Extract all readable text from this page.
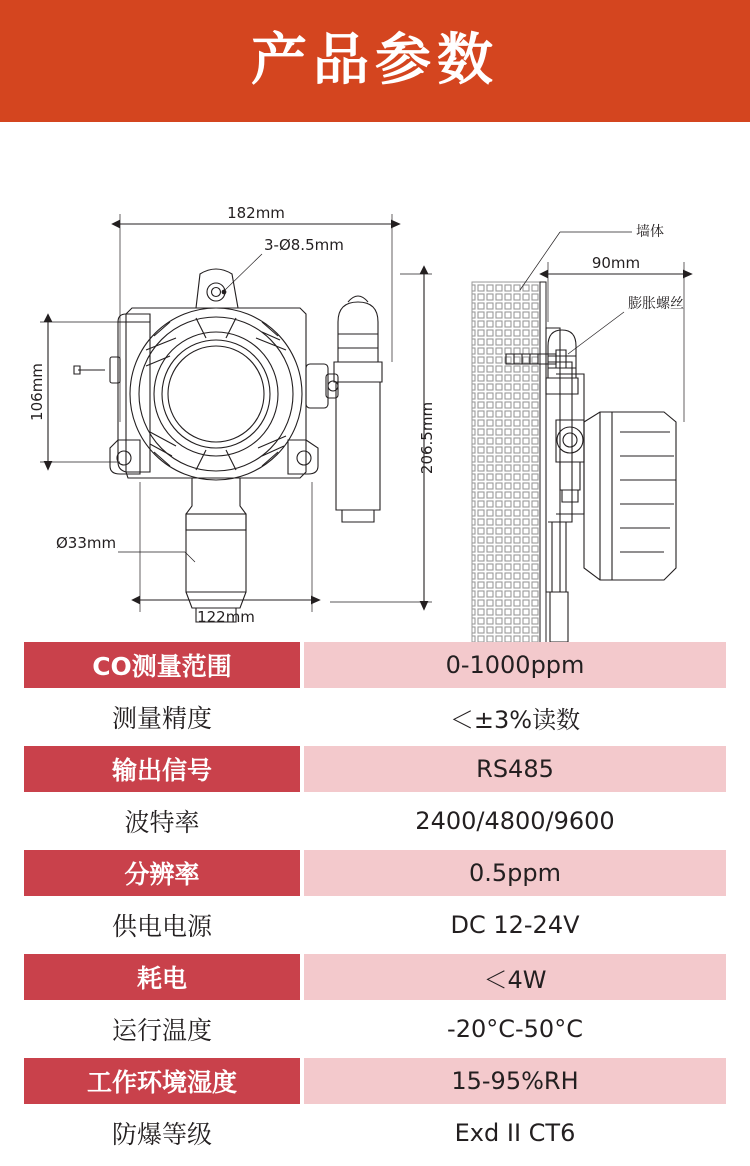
产品参数
182mm
3-Ø8.5mm
106mm
206.5mm
Ø33mm
122mm
墙体
90mm
膨胀螺丝
CO测量范围	0-1000ppm
测量精度	＜±3%读数
输出信号	RS485
波特率	2400/4800/9600
分辨率	0.5ppm
供电电源	DC 12-24V
耗电	＜4W
运行温度	-20°C-50°C
工作环境湿度	15-95%RH
防爆等级	Exd II CT6
